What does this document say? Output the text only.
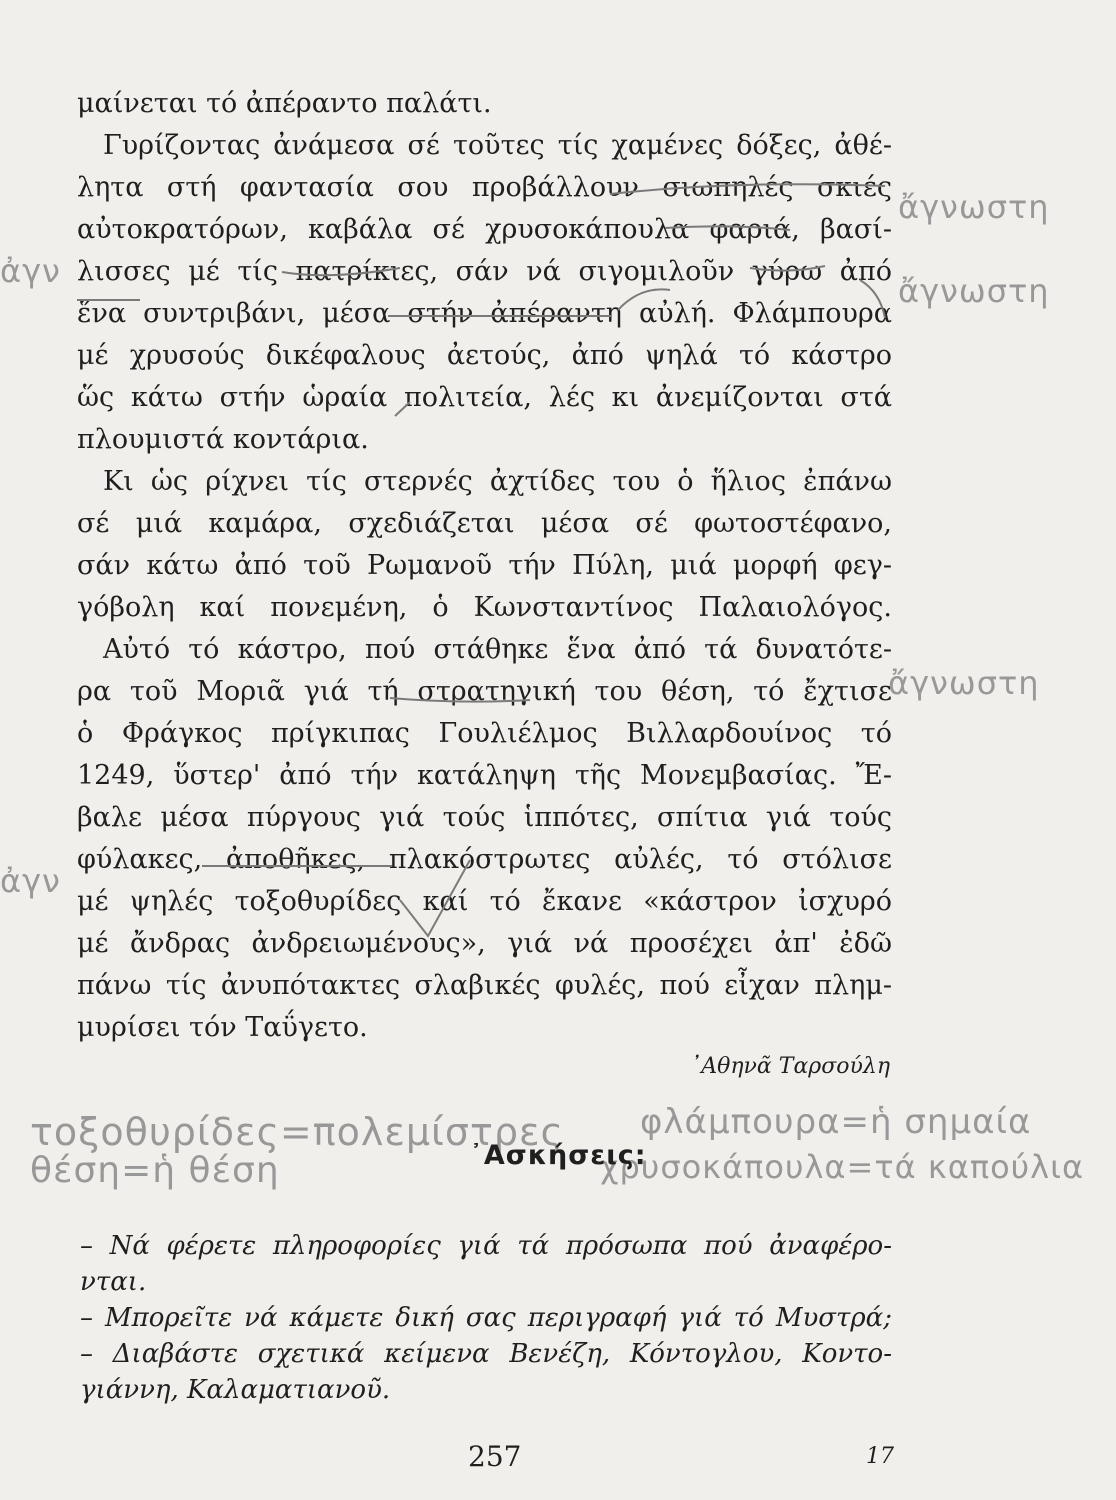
μαίνεται τό ἀπέραντο παλάτι.
Γυρίζοντας ἀνάμεσα σέ τοῦτες τίς χαμένες δόξες, ἀθέ-
λητα στή φαντασία σου προβάλλουν σιωπηλές σκιές
αὐτοκρατόρων, καβάλα σέ χρυσοκάπουλα φαριά, βασί-
λισσες μέ τίς πατρίκιες, σάν νά σιγομιλοῦν γύρω ἀπό
ἕνα συντριβάνι, μέσα στήν ἀπέραντη αὐλή. Φλάμπουρα
μέ χρυσούς δικέφαλους ἀετούς, ἀπό ψηλά τό κάστρο
ὥς κάτω στήν ὡραία πολιτεία, λές κι ἀνεμίζονται στά
πλουμιστά κοντάρια.
Κι ὡς ρίχνει τίς στερνές ἀχτίδες του ὁ ἥλιος ἐπάνω
σέ μιά καμάρα, σχεδιάζεται μέσα σέ φωτοστέφανο,
σάν κάτω ἀπό τοῦ Ρωμανοῦ τήν Πύλη, μιά μορφή φεγ-
γόβολη καί πονεμένη, ὁ Κωνσταντίνος Παλαιολόγος.
Αὐτό τό κάστρο, πού στάθηκε ἕνα ἀπό τά δυνατότε-
ρα τοῦ Μοριᾶ γιά τή στρατηγική του θέση, τό ἔχτισε
ὁ Φράγκος πρίγκιπας Γουλιέλμος Βιλλαρδουίνος τό
1249, ὕστερ' ἀπό τήν κατάληψη τῆς Μονεμβασίας. Ἔ-
βαλε μέσα πύργους γιά τούς ἱππότες, σπίτια γιά τούς
φύλακες, ἀποθῆκες, πλακόστρωτες αὐλές, τό στόλισε
μέ ψηλές τοξοθυρίδες καί τό ἔκανε «κάστρον ἰσχυρό
μέ ἄνδρας ἀνδρειωμένους», γιά νά προσέχει ἀπ' ἐδῶ
πάνω τίς ἀνυπότακτες σλαβικές φυλές, πού εἶχαν πλημ-
μυρίσει τόν Ταΰγετο.
᾿Αθηνᾶ Ταρσούλη
τοξοθυρίδες=πολεμίστρες
θέση=ἡ θέση
φλάμπουρα=ἡ σημαία
χρυσοκάπουλα=τά καπούλια
᾿Ασκήσεις:
– Νά φέρετε πληροφορίες γιά τά πρόσωπα πού ἀναφέρο-
νται.
– Μπορεῖτε νά κάμετε δική σας περιγραφή γιά τό Μυστρά;
– Διαβάστε σχετικά κείμενα Βενέζη, Κόντογλου, Κοντο-
γιάννη, Καλαματιανοῦ.
257	17
ἄγνωστη
ἄγνωστη
ἄγνωστη
ἀγν
ἀγν
